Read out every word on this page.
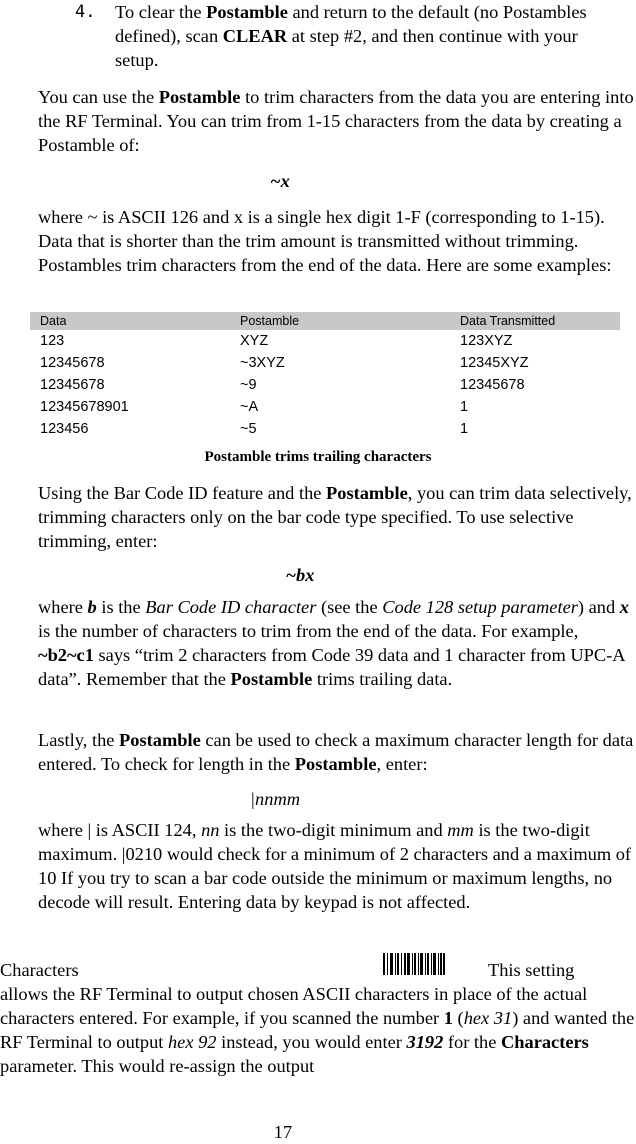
4. To clear the Postamble and return to the default (no Postambles defined), scan CLEAR at step #2, and then continue with your setup.
You can use the Postamble to trim characters from the data you are entering into the RF Terminal. You can trim from 1-15 characters from the data by creating a Postamble of:
~x
where ~ is ASCII 126 and x is a single hex digit 1-F (corresponding to 1-15). Data that is shorter than the trim amount is transmitted without trimming. Postambles trim characters from the end of the data. Here are some examples:
Data	Postamble	Data Transmitted
123	XYZ	123XYZ
12345678	~3XYZ	12345XYZ
12345678	~9	12345678
12345678901	~A	1
123456	~5	1
Postamble trims trailing characters
Using the Bar Code ID feature and the Postamble, you can trim data selectively, trimming characters only on the bar code type specified. To use selective trimming, enter:
~bx
where b is the Bar Code ID character (see the Code 128 setup parameter) and x is the number of characters to trim from the end of the data. For example, ~b2~c1 says “trim 2 characters from Code 39 data and 1 character from UPC-A data”. Remember that the Postamble trims trailing data.
Lastly, the Postamble can be used to check a maximum character length for data entered. To check for length in the Postamble, enter:
|nnmm
where | is ASCII 124, nn is the two-digit minimum and mm is the two-digit maximum. |0210 would check for a minimum of 2 characters and a maximum of 10 If you try to scan a bar code outside the minimum or maximum lengths, no decode will result. Entering data by keypad is not affected.
Characters	This setting
allows the RF Terminal to output chosen ASCII characters in place of the actual characters entered. For example, if you scanned the number 1 (hex 31) and wanted the RF Terminal to output hex 92 instead, you would enter 3192 for the Characters parameter. This would re-assign the output
17
